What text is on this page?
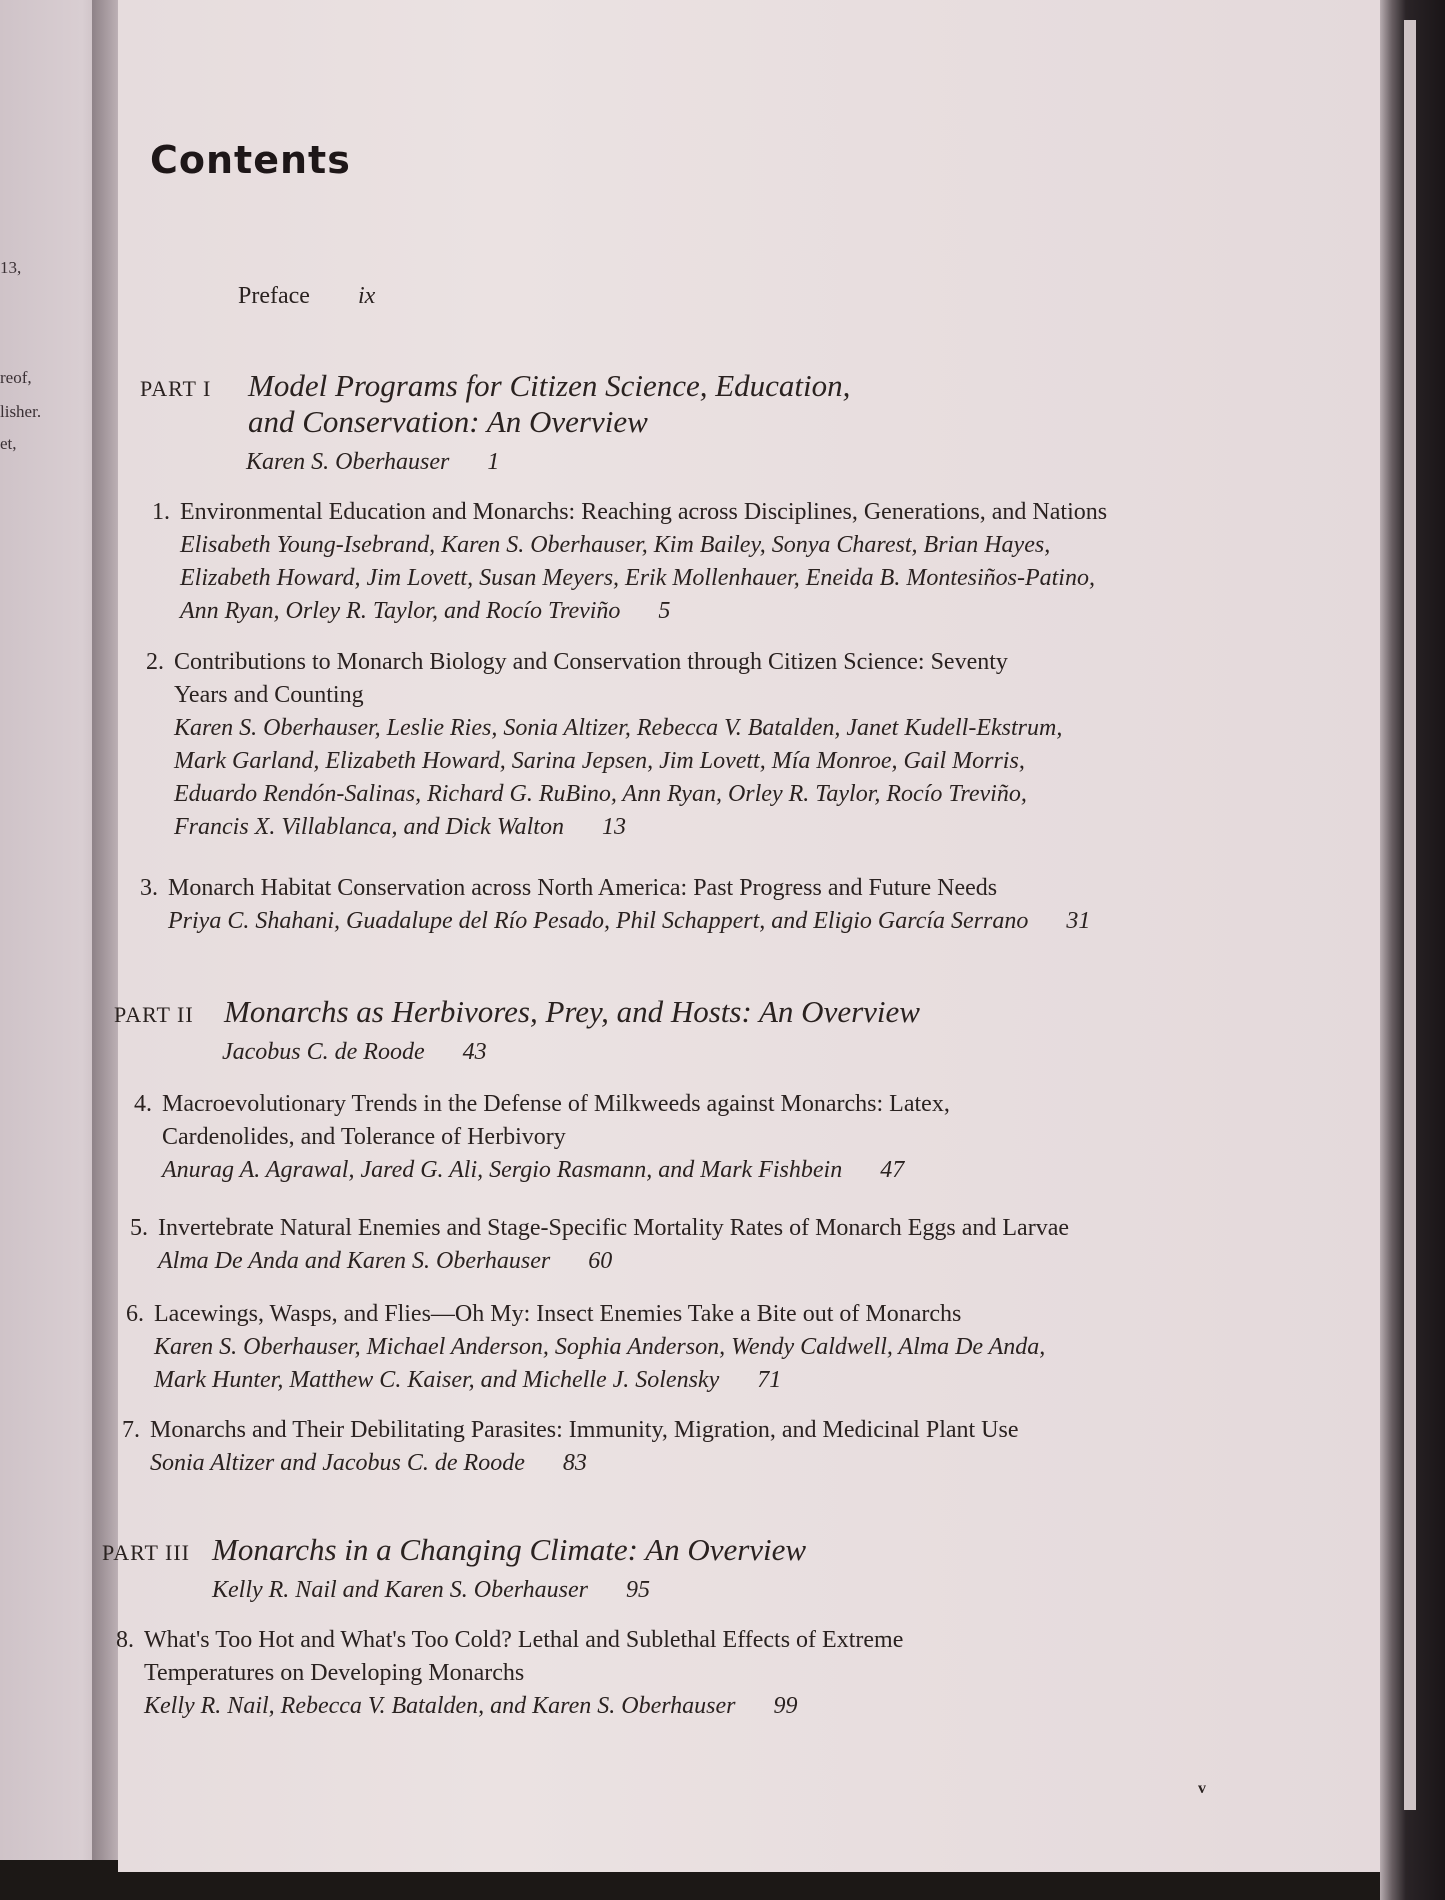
13,
reof,
lisher.
et,
Contents
Preface ix
PART I Model Programs for Citizen Science, Education,
and Conservation: An Overview
Karen S. Oberhauser 1
1. Environmental Education and Monarchs: Reaching across Disciplines, Generations, and Nations
Elisabeth Young-Isebrand, Karen S. Oberhauser, Kim Bailey, Sonya Charest, Brian Hayes,
Elizabeth Howard, Jim Lovett, Susan Meyers, Erik Mollenhauer, Eneida B. Montesiños-Patino,
Ann Ryan, Orley R. Taylor, and Rocío Treviño 5
2. Contributions to Monarch Biology and Conservation through Citizen Science: Seventy
Years and Counting
Karen S. Oberhauser, Leslie Ries, Sonia Altizer, Rebecca V. Batalden, Janet Kudell-Ekstrum,
Mark Garland, Elizabeth Howard, Sarina Jepsen, Jim Lovett, Mía Monroe, Gail Morris,
Eduardo Rendón-Salinas, Richard G. RuBino, Ann Ryan, Orley R. Taylor, Rocío Treviño,
Francis X. Villablanca, and Dick Walton 13
3. Monarch Habitat Conservation across North America: Past Progress and Future Needs
Priya C. Shahani, Guadalupe del Río Pesado, Phil Schappert, and Eligio García Serrano 31
PART II Monarchs as Herbivores, Prey, and Hosts: An Overview
Jacobus C. de Roode 43
4. Macroevolutionary Trends in the Defense of Milkweeds against Monarchs: Latex,
Cardenolides, and Tolerance of Herbivory
Anurag A. Agrawal, Jared G. Ali, Sergio Rasmann, and Mark Fishbein 47
5. Invertebrate Natural Enemies and Stage-Specific Mortality Rates of Monarch Eggs and Larvae
Alma De Anda and Karen S. Oberhauser 60
6. Lacewings, Wasps, and Flies—Oh My: Insect Enemies Take a Bite out of Monarchs
Karen S. Oberhauser, Michael Anderson, Sophia Anderson, Wendy Caldwell, Alma De Anda,
Mark Hunter, Matthew C. Kaiser, and Michelle J. Solensky 71
7. Monarchs and Their Debilitating Parasites: Immunity, Migration, and Medicinal Plant Use
Sonia Altizer and Jacobus C. de Roode 83
PART III Monarchs in a Changing Climate: An Overview
Kelly R. Nail and Karen S. Oberhauser 95
8. What's Too Hot and What's Too Cold? Lethal and Sublethal Effects of Extreme
Temperatures on Developing Monarchs
Kelly R. Nail, Rebecca V. Batalden, and Karen S. Oberhauser 99
v
